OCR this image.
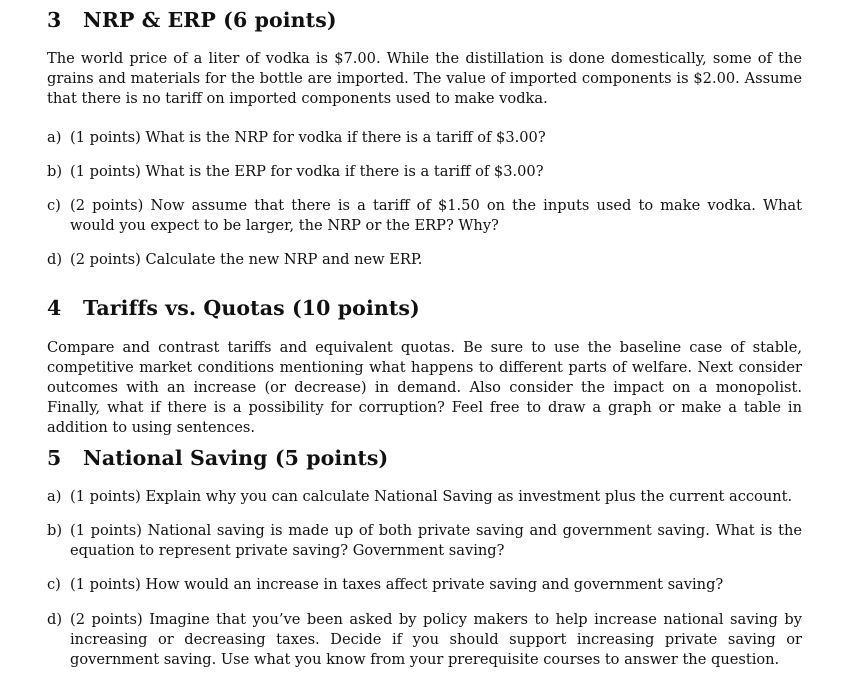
3 NRP & ERP (6 points)

The world price of a liter of vodka is $7.00. While the distillation is done domestically, some of the grains and materials for the bottle are imported. The value of imported components is $2.00. Assume that there is no tariff on imported components used to make vodka.

a) (1 points) What is the NRP for vodka if there is a tariff of $3.00?
b) (1 points) What is the ERP for vodka if there is a tariff of $3.00?
c) (2 points) Now assume that there is a tariff of $1.50 on the inputs used to make vodka. What would you expect to be larger, the NRP or the ERP? Why?
d) (2 points) Calculate the new NRP and new ERP.
4 Tariffs vs. Quotas (10 points)

Compare and contrast tariffs and equivalent quotas. Be sure to use the baseline case of stable, competitive market conditions mentioning what happens to different parts of welfare. Next consider outcomes with an increase (or decrease) in demand. Also consider the impact on a monopolist. Finally, what if there is a possibility for corruption? Feel free to draw a graph or make a table in addition to using sentences.

5 National Saving (5 points)
a) (1 points) Explain why you can calculate National Saving as investment plus the current account.
b) (1 points) National saving is made up of both private saving and government saving. What is the equation to represent private saving? Government saving?
c) (1 points) How would an increase in taxes affect private saving and government saving?
d) (2 points) Imagine that you’ve been asked by policy makers to help increase national saving by increasing or decreasing taxes. Decide if you should support increasing private saving or government saving. Use what you know from your prerequisite courses to answer the question.
